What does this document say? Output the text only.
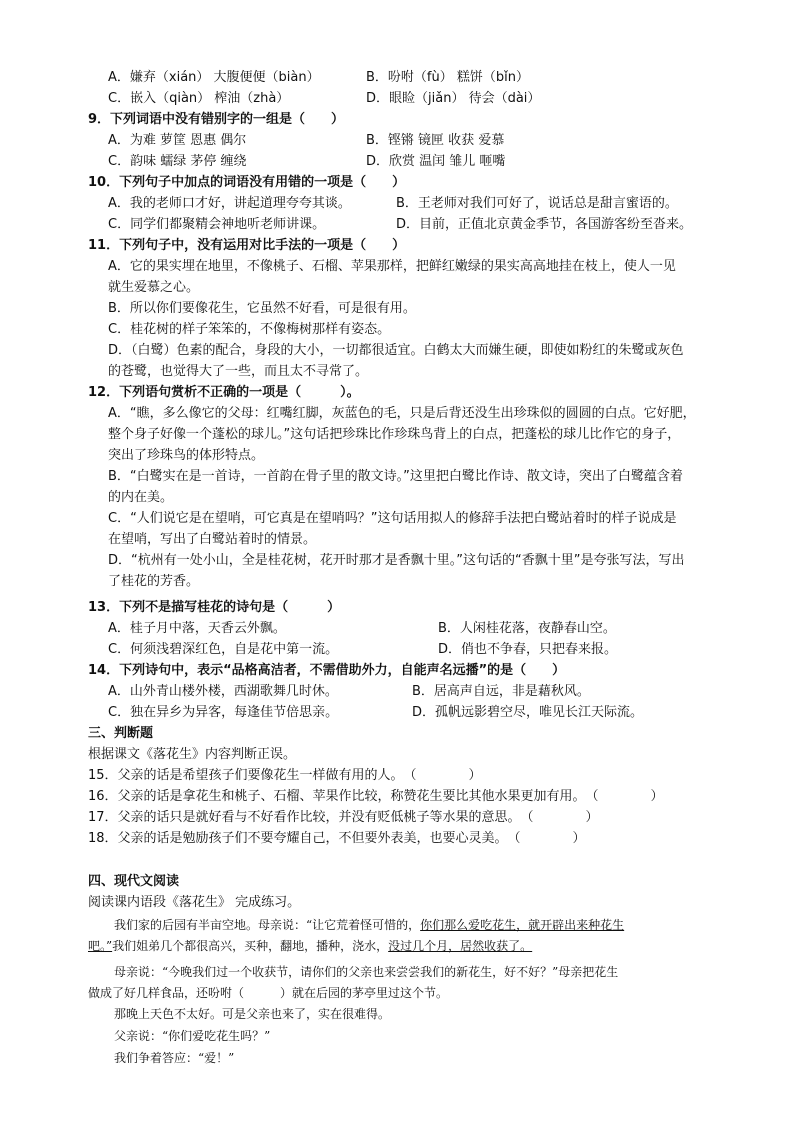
A．嫌弃（xián） 大腹便便（biàn）	B．吩咐（fù） 糕饼（bǐn）
C．嵌入（qiàn） 榨油（zhà）	D．眼睑（jiǎn） 待会（dài）
9．下列词语中没有错别字的一组是（　　）
A．为难 萝筐 恩惠 偶尔	B．铿锵 镜匣 收获 爱慕
C．韵味 蠕绿 茅停 缠绕	D．欣赏 温闰 雏儿 咂嘴
10．下列句子中加点的词语没有用错的一项是（　　）
A．我的老师口才好，讲起道理夸夸其谈。	B．王老师对我们可好了，说话总是甜言蜜语的。
C．同学们都聚精会神地听老师讲课。	D．目前，正值北京黄金季节，各国游客纷至沓来。
11．下列句子中，没有运用对比手法的一项是（　　）
A．它的果实埋在地里，不像桃子、石榴、苹果那样，把鲜红嫩绿的果实高高地挂在枝上，使人一见
就生爱慕之心。
B．所以你们要像花生，它虽然不好看，可是很有用。
C．桂花树的样子笨笨的，不像梅树那样有姿态。
D．（白鹭）色素的配合，身段的大小，一切都很适宜。白鹤太大而嫌生硬，即使如粉红的朱鹭或灰色
的苍鹭，也觉得大了一些，而且太不寻常了。
12．下列语句赏析不正确的一项是（　　　）。
A．“瞧，多么像它的父母：红嘴红脚，灰蓝色的毛，只是后背还没生出珍珠似的圆圆的白点。它好肥，
整个身子好像一个蓬松的球儿。”这句话把珍珠比作珍珠鸟背上的白点，把蓬松的球儿比作它的身子，
突出了珍珠鸟的体形特点。
B．“白鹭实在是一首诗，一首韵在骨子里的散文诗。”这里把白鹭比作诗、散文诗，突出了白鹭蕴含着
的内在美。
C．“人们说它是在望哨，可它真是在望哨吗？”这句话用拟人的修辞手法把白鹭站着时的样子说成是
在望哨，写出了白鹭站着时的情景。
D．“杭州有一处小山，全是桂花树，花开时那才是香飘十里。”这句话的“香飘十里”是夸张写法，写出
了桂花的芳香。
13．下列不是描写桂花的诗句是（　　　）
A．桂子月中落，天香云外飘。	B．人闲桂花落，夜静春山空。
C．何须浅碧深红色，自是花中第一流。	D．俏也不争春，只把春来报。
14．下列诗句中，表示“品格高洁者，不需借助外力，自能声名远播”的是（　　）
A．山外青山楼外楼，西湖歌舞几时休。	B．居高声自远，非是藉秋风。
C．独在异乡为异客，每逢佳节倍思亲。	D．孤帆远影碧空尽，唯见长江天际流。
三、判断题
根据课文《落花生》内容判断正误。
15．父亲的话是希望孩子们要像花生一样做有用的人。　（　　　　）
16．父亲的话是拿花生和桃子、石榴、苹果作比较，称赞花生要比其他水果更加有用。　（　　　　）
17．父亲的话只是就好看与不好看作比较，并没有贬低桃子等水果的意思。　（　　　　）
18．父亲的话是勉励孩子们不要夸耀自己，不但要外表美，也要心灵美。　（　　　　）
四、现代文阅读
阅读课内语段《落花生》 完成练习。
我们家的后园有半亩空地。母亲说：“让它荒着怪可惜的，你们那么爱吃花生，就开辟出来种花生
吧。”我们姐弟几个都很高兴，买种，翻地，播种，浇水，没过几个月，居然收获了。
母亲说：“今晚我们过一个收获节，请你们的父亲也来尝尝我们的新花生，好不好？”母亲把花生
做成了好几样食品，还吩咐（　　　）就在后园的茅亭里过这个节。
那晚上天色不太好。可是父亲也来了，实在很难得。
父亲说：“你们爱吃花生吗？”
我们争着答应：“爱！”
